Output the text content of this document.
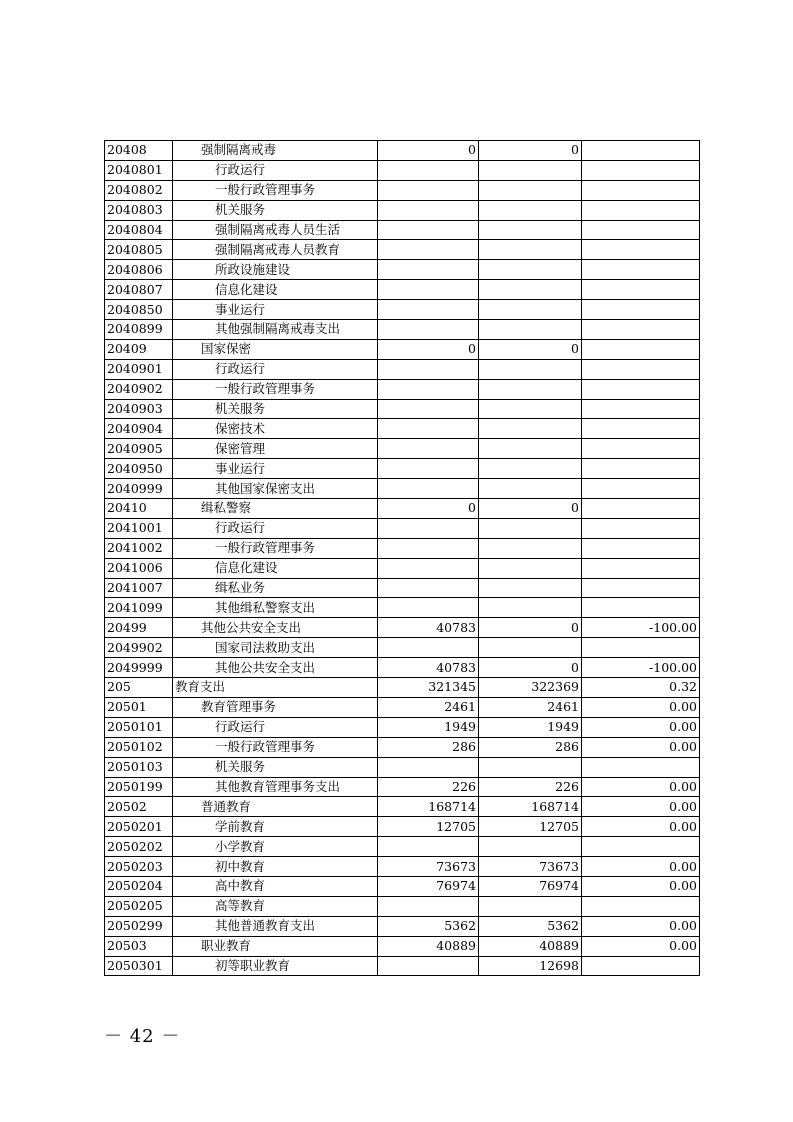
20408	强制隔离戒毒	0	0	
2040801	行政运行			
2040802	一般行政管理事务			
2040803	机关服务			
2040804	强制隔离戒毒人员生活			
2040805	强制隔离戒毒人员教育			
2040806	所政设施建设			
2040807	信息化建设			
2040850	事业运行			
2040899	其他强制隔离戒毒支出			
20409	国家保密	0	0	
2040901	行政运行			
2040902	一般行政管理事务			
2040903	机关服务			
2040904	保密技术			
2040905	保密管理			
2040950	事业运行			
2040999	其他国家保密支出			
20410	缉私警察	0	0	
2041001	行政运行			
2041002	一般行政管理事务			
2041006	信息化建设			
2041007	缉私业务			
2041099	其他缉私警察支出			
20499	其他公共安全支出	40783	0	-100.00
2049902	国家司法救助支出			
2049999	其他公共安全支出	40783	0	-100.00
205	教育支出	321345	322369	0.32
20501	教育管理事务	2461	2461	0.00
2050101	行政运行	1949	1949	0.00
2050102	一般行政管理事务	286	286	0.00
2050103	机关服务			
2050199	其他教育管理事务支出	226	226	0.00
20502	普通教育	168714	168714	0.00
2050201	学前教育	12705	12705	0.00
2050202	小学教育			
2050203	初中教育	73673	73673	0.00
2050204	高中教育	76974	76974	0.00
2050205	高等教育			
2050299	其他普通教育支出	5362	5362	0.00
20503	职业教育	40889	40889	0.00
2050301	初等职业教育		12698	
－ 42 －
